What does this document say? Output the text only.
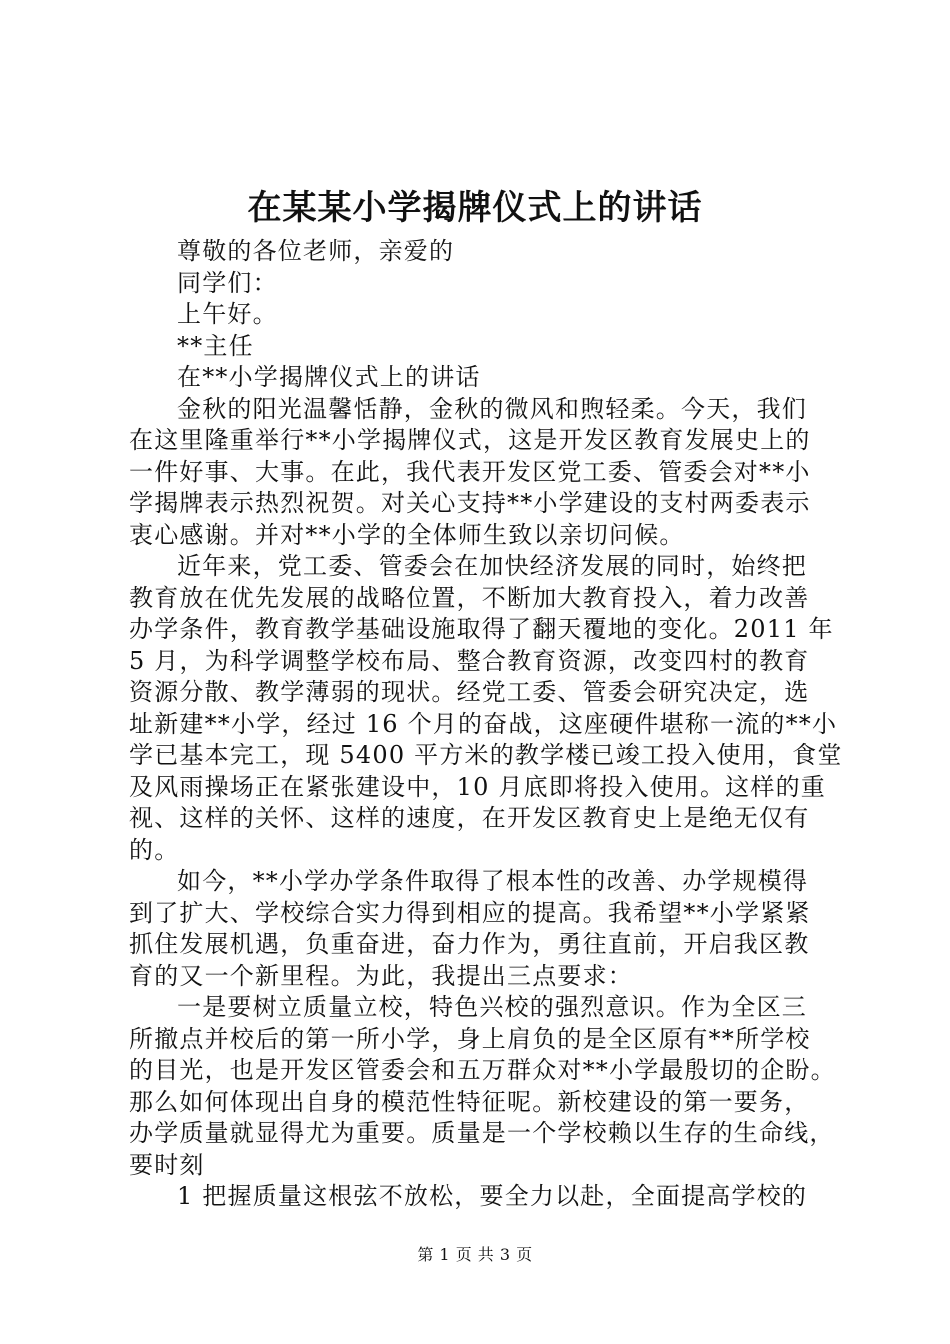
在某某小学揭牌仪式上的讲话
尊敬的各位老师，亲爱的
同学们：
上午好。
**主任
在**小学揭牌仪式上的讲话
金秋的阳光温馨恬静，金秋的微风和煦轻柔。今天，我们
在这里隆重举行**小学揭牌仪式，这是开发区教育发展史上的
一件好事、大事。在此，我代表开发区党工委、管委会对**小
学揭牌表示热烈祝贺。对关心支持**小学建设的支村两委表示
衷心感谢。并对**小学的全体师生致以亲切问候。
近年来，党工委、管委会在加快经济发展的同时，始终把
教育放在优先发展的战略位置，不断加大教育投入，着力改善
办学条件，教育教学基础设施取得了翻天覆地的变化。2011 年
5 月，为科学调整学校布局、整合教育资源，改变四村的教育
资源分散、教学薄弱的现状。经党工委、管委会研究决定，选
址新建**小学，经过 16 个月的奋战，这座硬件堪称一流的**小
学已基本完工，现 5400 平方米的教学楼已竣工投入使用，食堂
及风雨操场正在紧张建设中，10 月底即将投入使用。这样的重
视、这样的关怀、这样的速度，在开发区教育史上是绝无仅有
的。
如今，**小学办学条件取得了根本性的改善、办学规模得
到了扩大、学校综合实力得到相应的提高。我希望**小学紧紧
抓住发展机遇，负重奋进，奋力作为，勇往直前，开启我区教
育的又一个新里程。为此，我提出三点要求：
一是要树立质量立校，特色兴校的强烈意识。作为全区三
所撤点并校后的第一所小学，身上肩负的是全区原有**所学校
的目光，也是开发区管委会和五万群众对**小学最殷切的企盼。
那么如何体现出自身的模范性特征呢。新校建设的第一要务，
办学质量就显得尤为重要。质量是一个学校赖以生存的生命线，
要时刻
1 把握质量这根弦不放松，要全力以赴，全面提高学校的
第 1 页 共 3 页
